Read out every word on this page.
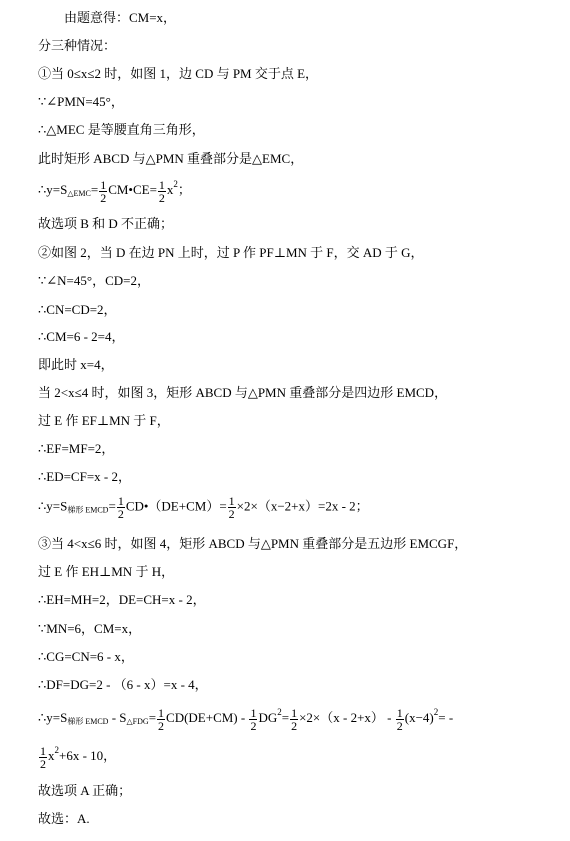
由题意得：CM=x，
分三种情况：
①当 0≤x≤2 时，如图 1，边 CD 与 PM 交于点 E，
∵∠PMN=45°，
∴△MEC 是等腰直角三角形，
此时矩形 ABCD 与△PMN 重叠部分是△EMC，
$\therefore y=S_{\triangle EMC}= \frac{1}{2}$ CM•CE= $\frac{1}{2} x^2$；
故选项 B 和 D 不正确；
②如图 2，当 D 在边 PN 上时，过 P 作 PF⊥MN 于 F，交 AD 于 G，
∵∠N=45°，CD=2，
∴CN=CD=2，
∴CM=6 - 2=4，
即此时 x=4，
当 2<x≤4 时，如图 3，矩形 ABCD 与△PMN 重叠部分是四边形 EMCD，
过 E 作 EF⊥MN 于 F，
∴EF=MF=2，
∴ED=CF=x - 2，
$\therefore y=S_{梯形 EMCD}= \frac{1}{2}$ CD•（DE+CM）= $\frac{1}{2} \times 2\times(x-2+x)=2x - 2$；
③当 4<x≤6 时，如图 4，矩形 ABCD 与△PMN 重叠部分是五边形 EMCGF，
过 E 作 EH⊥MN 于 H，
∴EH=MH=2，DE=CH=x - 2，
∵MN=6，CM=x，
∴CG=CN=6 - x，
∴DF=DG=2 - （6 - x）=x - 4，
$\therefore y=S_{梯形 EMCD} - S_{\triangle FDG}= \frac{1}{2} CD(DE+CM) - \frac{1}{2} DG^2= \frac{1}{2} \times 2\times(x - 2+x) - \frac{1}{2} (x-4)^2=$ -
$\frac{1}{2} x^2+6x - 10$，
故选项 A 正确；
故选：A.
